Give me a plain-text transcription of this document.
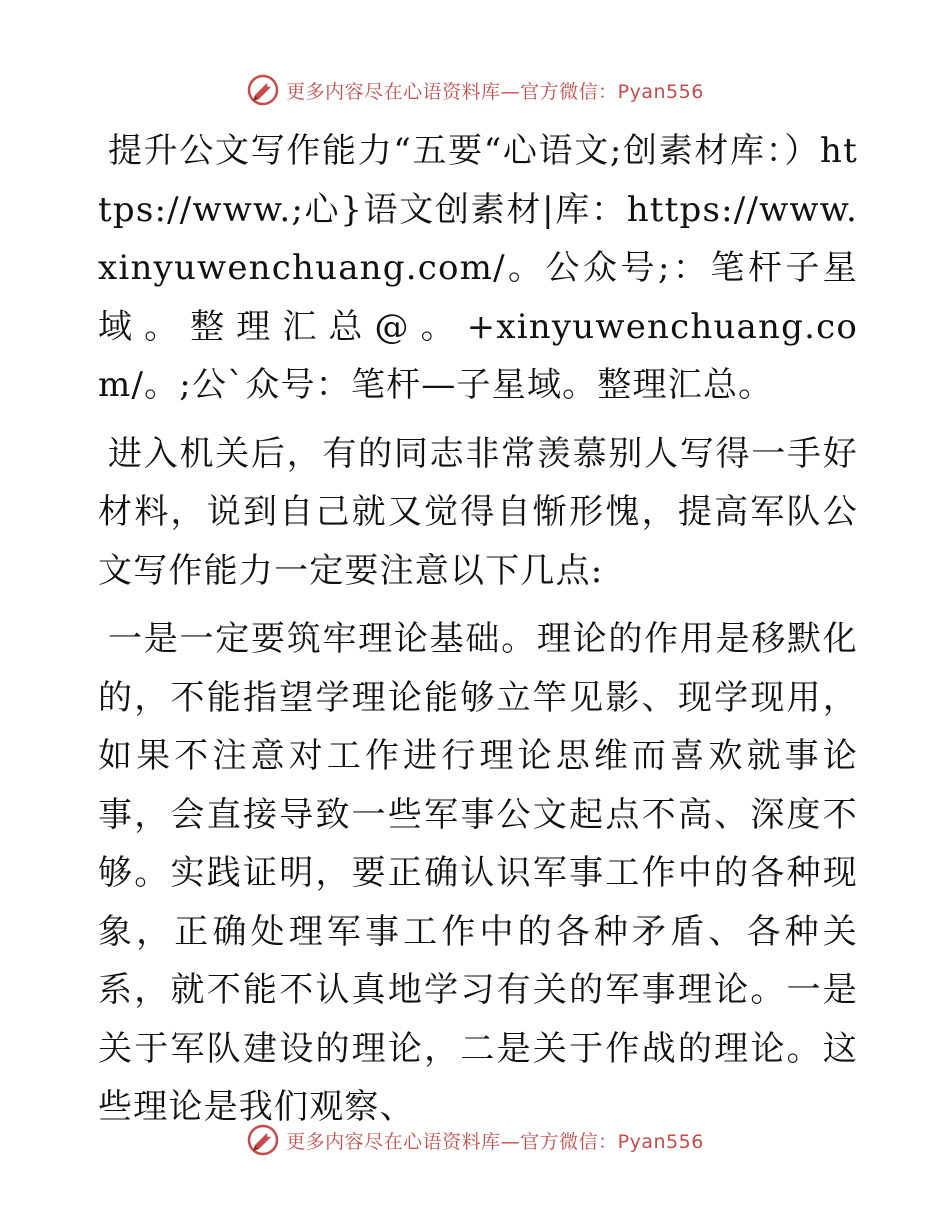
更多内容尽在心语资料库—官方微信：Pyan556

提升公文写作能力“五要“心语文;创素材库：）https://www.;心}语文创素材|库：https://www.xinyuwenchuang.com/。公众号;：笔杆子星域。整理汇总@。+xinyuwenchuang.com/。;公`众号：笔杆—子星域。整理汇总。

进入机关后，有的同志非常羡慕别人写得一手好材料，说到自己就又觉得自惭形愧，提高军队公文写作能力一定要注意以下几点:

一是一定要筑牢理论基础。理论的作用是移默化的，不能指望学理论能够立竿见影、现学现用，如果不注意对工作进行理论思维而喜欢就事论事，会直接导致一些军事公文起点不高、深度不够。实践证明，要正确认识军事工作中的各种现象，正确处理军事工作中的各种矛盾、各种关系，就不能不认真地学习有关的军事理论。一是关于军队建设的理论，二是关于作战的理论。这些理论是我们观察、

更多内容尽在心语资料库—官方微信：Pyan556
